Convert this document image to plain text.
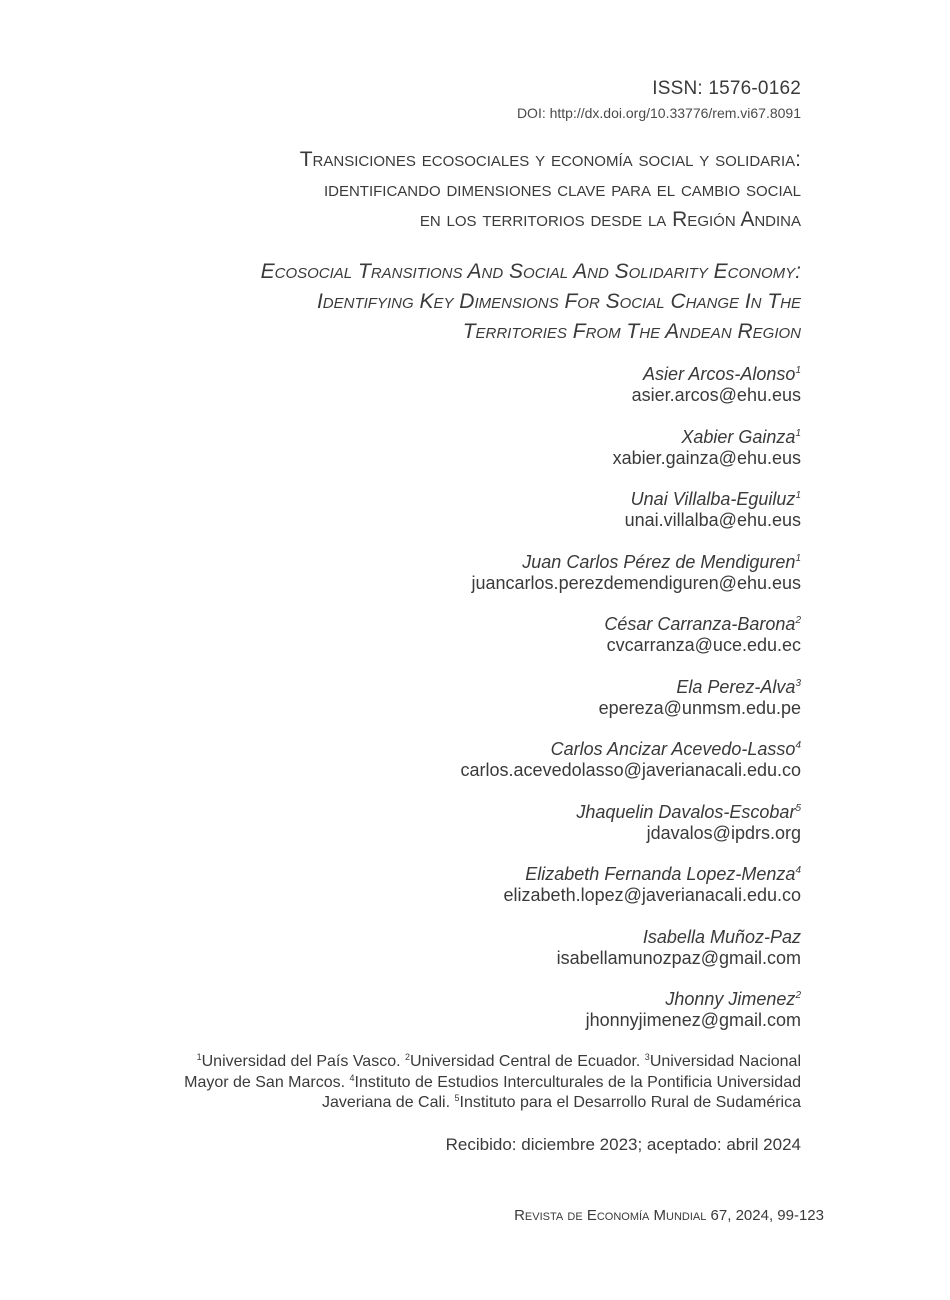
ISSN: 1576-0162
DOI: http://dx.doi.org/10.33776/rem.vi67.8091
Transiciones ecosociales y economía social y solidaria:
identificando dimensiones clave para el cambio social
en los territorios desde la Región Andina
Ecosocial Transitions And Social And Solidarity Economy:
Identifying Key Dimensions For Social Change In The
Territories From The Andean Region
Asier Arcos-Alonso$^1$
asier.arcos@ehu.eus
Xabier Gainza$^1$
xabier.gainza@ehu.eus
Unai Villalba-Eguiluz$^1$
unai.villalba@ehu.eus
Juan Carlos Pérez de Mendiguren$^1$
juancarlos.perezdemendiguren@ehu.eus
César Carranza-Barona$^2$
cvcarranza@uce.edu.ec
Ela Perez-Alva$^3$
epereza@unmsm.edu.pe
Carlos Ancizar Acevedo-Lasso$^4$
carlos.acevedolasso@javerianacali.edu.co
Jhaquelin Davalos-Escobar$^5$
jdavalos@ipdrs.org
Elizabeth Fernanda Lopez-Menza$^4$
elizabeth.lopez@javerianacali.edu.co
Isabella Muñoz-Paz
isabellamunozpaz@gmail.com
Jhonny Jimenez$^2$
jhonnyjimenez@gmail.com
$^1$Universidad del País Vasco. $^2$Universidad Central de Ecuador. $^3$Universidad Nacional Mayor de San Marcos. $^4$Instituto de Estudios Interculturales de la Pontificia Universidad Javeriana de Cali. $^5$Instituto para el Desarrollo Rural de Sudamérica
Recibido: diciembre 2023; aceptado: abril 2024
Revista de Economía Mundial 67, 2024, 99-123
